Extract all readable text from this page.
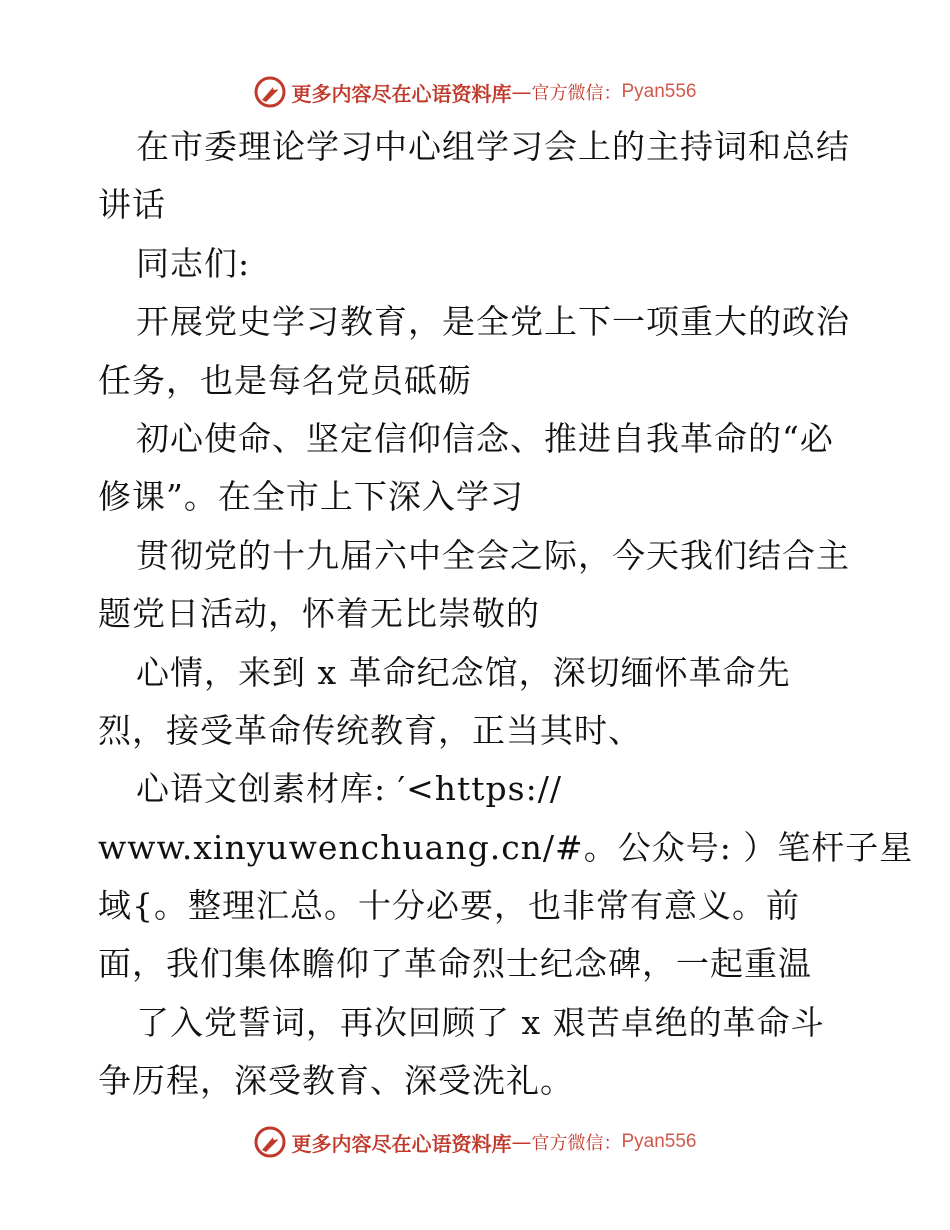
更多内容尽在心语资料库 — 官方微信： Pyan556
在市委理论学习中心组学习会上的主持词和总结
讲话
同志们:
开展党史学习教育，是全党上下一项重大的政治
任务，也是每名党员砥砺
初心使命、坚定信仰信念、推进自我革命的“必
修课”。在全市上下深入学习
贯彻党的十九届六中全会之际，今天我们结合主
题党日活动，怀着无比崇敬的
心情，来到 x 革命纪念馆，深切缅怀革命先
烈，接受革命传统教育，正当其时、
心语文创素材库: ′<https://
www.xinyuwenchuang.cn/#。公众号: ）笔杆子星
域{。整理汇总。十分必要，也非常有意义。前
面，我们集体瞻仰了革命烈士纪念碑，一起重温
了入党誓词，再次回顾了 x 艰苦卓绝的革命斗
争历程，深受教育、深受洗礼。
更多内容尽在心语资料库 — 官方微信： Pyan556
